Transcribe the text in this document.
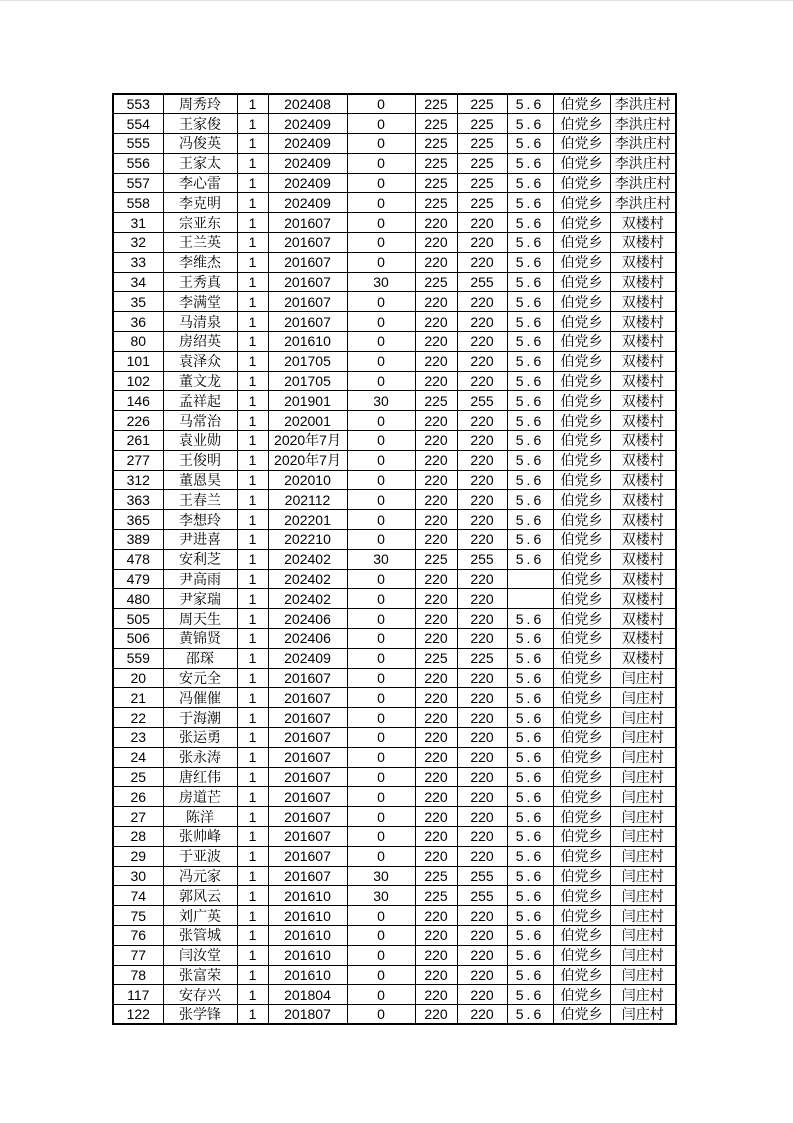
553	周秀玲	1	202408	0	225	225	5.6	伯党乡	李洪庄村
554	王家俊	1	202409	0	225	225	5.6	伯党乡	李洪庄村
555	冯俊英	1	202409	0	225	225	5.6	伯党乡	李洪庄村
556	王家太	1	202409	0	225	225	5.6	伯党乡	李洪庄村
557	李心雷	1	202409	0	225	225	5.6	伯党乡	李洪庄村
558	李克明	1	202409	0	225	225	5.6	伯党乡	李洪庄村
31	宗亚东	1	201607	0	220	220	5.6	伯党乡	双楼村
32	王兰英	1	201607	0	220	220	5.6	伯党乡	双楼村
33	李维杰	1	201607	0	220	220	5.6	伯党乡	双楼村
34	王秀真	1	201607	30	225	255	5.6	伯党乡	双楼村
35	李满堂	1	201607	0	220	220	5.6	伯党乡	双楼村
36	马清泉	1	201607	0	220	220	5.6	伯党乡	双楼村
80	房绍英	1	201610	0	220	220	5.6	伯党乡	双楼村
101	袁泽众	1	201705	0	220	220	5.6	伯党乡	双楼村
102	董文龙	1	201705	0	220	220	5.6	伯党乡	双楼村
146	孟祥起	1	201901	30	225	255	5.6	伯党乡	双楼村
226	马常治	1	202001	0	220	220	5.6	伯党乡	双楼村
261	袁业勋	1	2020年7月	0	220	220	5.6	伯党乡	双楼村
277	王俊明	1	2020年7月	0	220	220	5.6	伯党乡	双楼村
312	董恩昊	1	202010	0	220	220	5.6	伯党乡	双楼村
363	王春兰	1	202112	0	220	220	5.6	伯党乡	双楼村
365	李想玲	1	202201	0	220	220	5.6	伯党乡	双楼村
389	尹进喜	1	202210	0	220	220	5.6	伯党乡	双楼村
478	安利芝	1	202402	30	225	255	5.6	伯党乡	双楼村
479	尹高雨	1	202402	0	220	220		伯党乡	双楼村
480	尹家瑞	1	202402	0	220	220		伯党乡	双楼村
505	周天生	1	202406	0	220	220	5.6	伯党乡	双楼村
506	黄锦贤	1	202406	0	220	220	5.6	伯党乡	双楼村
559	邵琛	1	202409	0	225	225	5.6	伯党乡	双楼村
20	安元全	1	201607	0	220	220	5.6	伯党乡	闫庄村
21	冯催催	1	201607	0	220	220	5.6	伯党乡	闫庄村
22	于海潮	1	201607	0	220	220	5.6	伯党乡	闫庄村
23	张运勇	1	201607	0	220	220	5.6	伯党乡	闫庄村
24	张永涛	1	201607	0	220	220	5.6	伯党乡	闫庄村
25	唐红伟	1	201607	0	220	220	5.6	伯党乡	闫庄村
26	房道芒	1	201607	0	220	220	5.6	伯党乡	闫庄村
27	陈洋	1	201607	0	220	220	5.6	伯党乡	闫庄村
28	张帅峰	1	201607	0	220	220	5.6	伯党乡	闫庄村
29	于亚波	1	201607	0	220	220	5.6	伯党乡	闫庄村
30	冯元家	1	201607	30	225	255	5.6	伯党乡	闫庄村
74	郭风云	1	201610	30	225	255	5.6	伯党乡	闫庄村
75	刘广英	1	201610	0	220	220	5.6	伯党乡	闫庄村
76	张管城	1	201610	0	220	220	5.6	伯党乡	闫庄村
77	闫汝堂	1	201610	0	220	220	5.6	伯党乡	闫庄村
78	张富荣	1	201610	0	220	220	5.6	伯党乡	闫庄村
117	安存兴	1	201804	0	220	220	5.6	伯党乡	闫庄村
122	张学锋	1	201807	0	220	220	5.6	伯党乡	闫庄村
